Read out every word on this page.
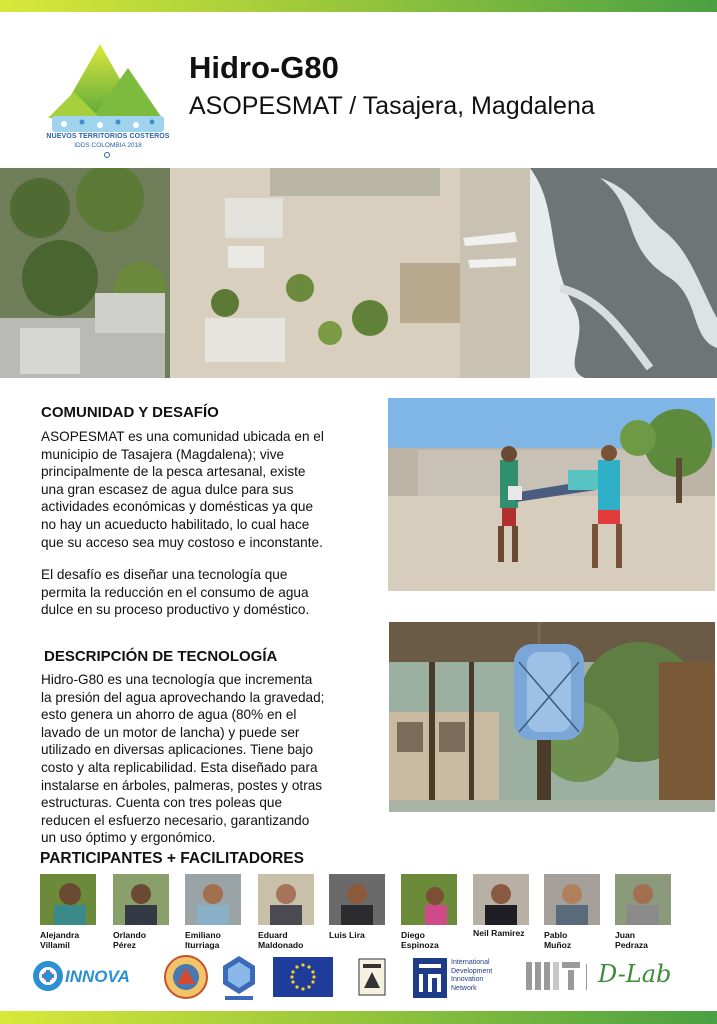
NUEVOS TERRITORIOS COSTEROS
IDDS COLOMBIA 2018
Hidro-G80
ASOPESMAT / Tasajera, Magdalena
COMUNIDAD Y DESAFÍO
ASOPESMAT es una comunidad ubicada en el
municipio de Tasajera (Magdalena); vive
principalmente de la pesca artesanal, existe
una gran escasez de agua dulce para sus
actividades económicas y domésticas ya que
no hay un acueducto habilitado, lo cual hace
que su acceso sea muy costoso e inconstante.
El desafío es diseñar una tecnología que
permita la reducción en el consumo de agua
dulce en su proceso productivo y doméstico.
DESCRIPCIÓN DE TECNOLOGÍA
Hidro-G80 es una tecnología que incrementa
la presión del agua aprovechando la gravedad;
esto genera un ahorro de agua (80% en el
lavado de un motor de lancha) y puede ser
utilizado en diversas aplicaciones. Tiene bajo
costo y alta replicabilidad. Esta diseñado para
instalarse en árboles, palmeras, postes y otras
estructuras. Cuenta con tres poleas que
reducen el esfuerzo necesario, garantizando
un uso óptimo y ergonómico.
PARTICIPANTES + FACILITADORES
Alejandra
Villamil
Orlando
Pérez
Emiliano
Iturriaga
Eduard
Maldonado
Luis Lira	Diego
Espinoza
Neil Ramirez Pablo
Muñoz
Juan
Pedraza
INNOVA
International
Development
Innovation
Network
D-Lab
